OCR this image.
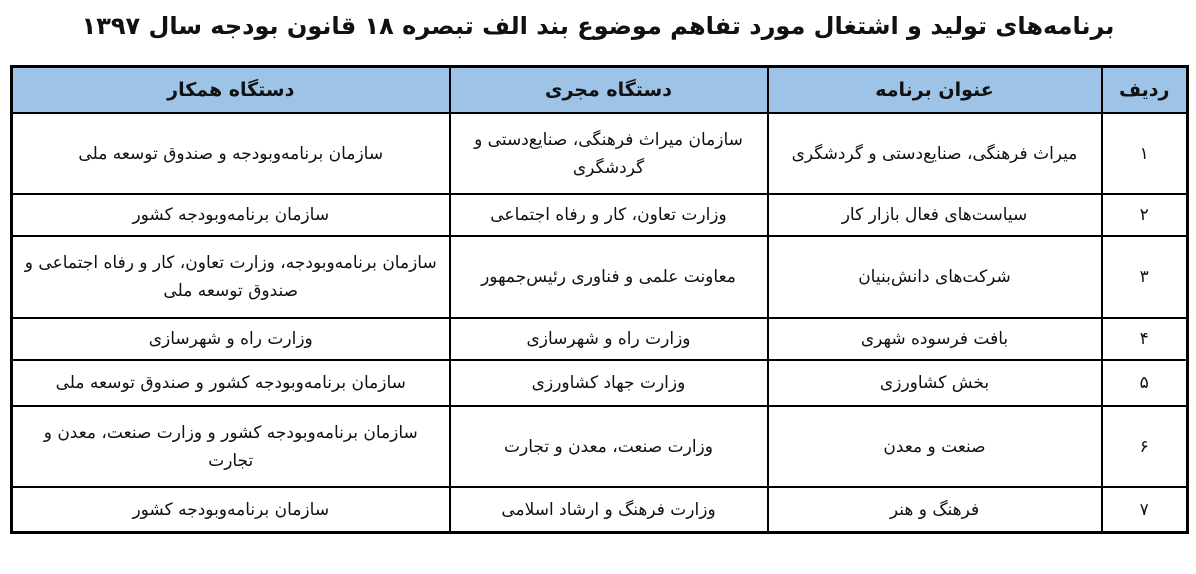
برنامه‌های تولید و اشتغال مورد تفاهم موضوع بند الف تبصره ۱۸ قانون بودجه سال ۱۳۹۷
ردیف	عنوان برنامه	دستگاه مجری	دستگاه همکار
۱	میراث فرهنگی، صنایع‌دستی و گردشگری	سازمان میراث فرهنگی، صنایع‌دستی و گردشگری	سازمان برنامه‌وبودجه و صندوق توسعه ملی
۲	سیاست‌های فعال بازار کار	وزارت تعاون، کار و رفاه اجتماعی	سازمان برنامه‌وبودجه کشور
۳	شرکت‌های دانش‌بنیان	معاونت علمی و فناوری رئیس‌جمهور	سازمان برنامه‌وبودجه، وزارت تعاون، کار و رفاه اجتماعی و صندوق توسعه ملی
۴	بافت فرسوده شهری	وزارت راه و شهرسازی	وزارت راه و شهرسازی
۵	بخش کشاورزی	وزارت جهاد کشاورزی	سازمان برنامه‌وبودجه کشور و صندوق توسعه ملی
۶	صنعت و معدن	وزارت صنعت، معدن و تجارت	سازمان برنامه‌وبودجه کشور و وزارت صنعت، معدن و تجارت
۷	فرهنگ و هنر	وزارت فرهنگ و ارشاد اسلامی	سازمان برنامه‌وبودجه کشور
